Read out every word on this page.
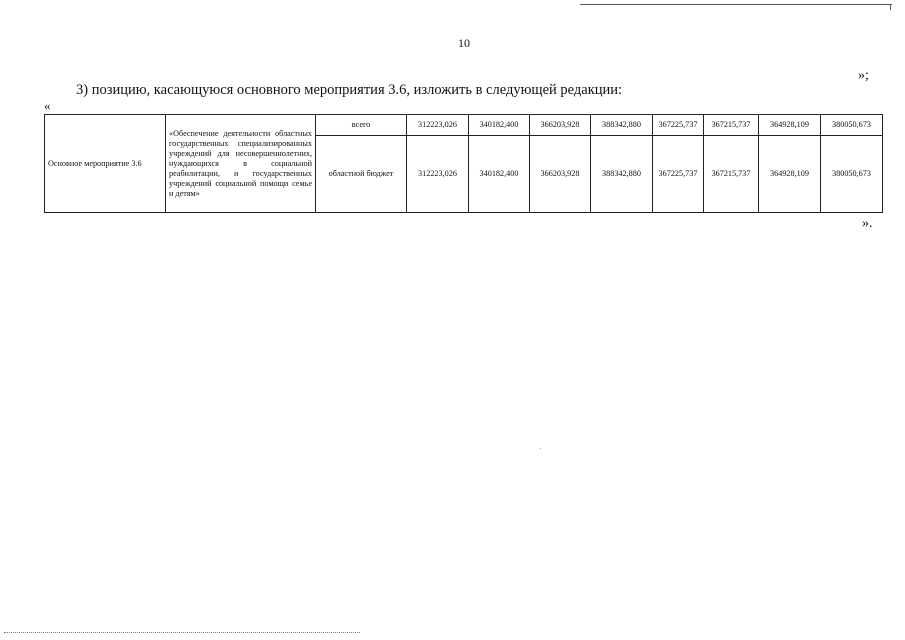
10
»;
3) позицию, касающуюся основного мероприятия 3.6, изложить в следующей редакции:
«
Основное мероприятие 3.6	«Обеспечение деятельности областных государственных специализированных учреждений для несовершеннолетних, нуждающихся в социальной реабилитации, и государственных учреждений социальной помощи семье и детям»	всего	312223,026	340182,400	366203,928	388342,880	367225,737	367215,737	364928,109	380050,673
		областной бюджет	312223,026	340182,400	366203,928	388342,880	367225,737	367215,737	364928,109	380050,673
».
